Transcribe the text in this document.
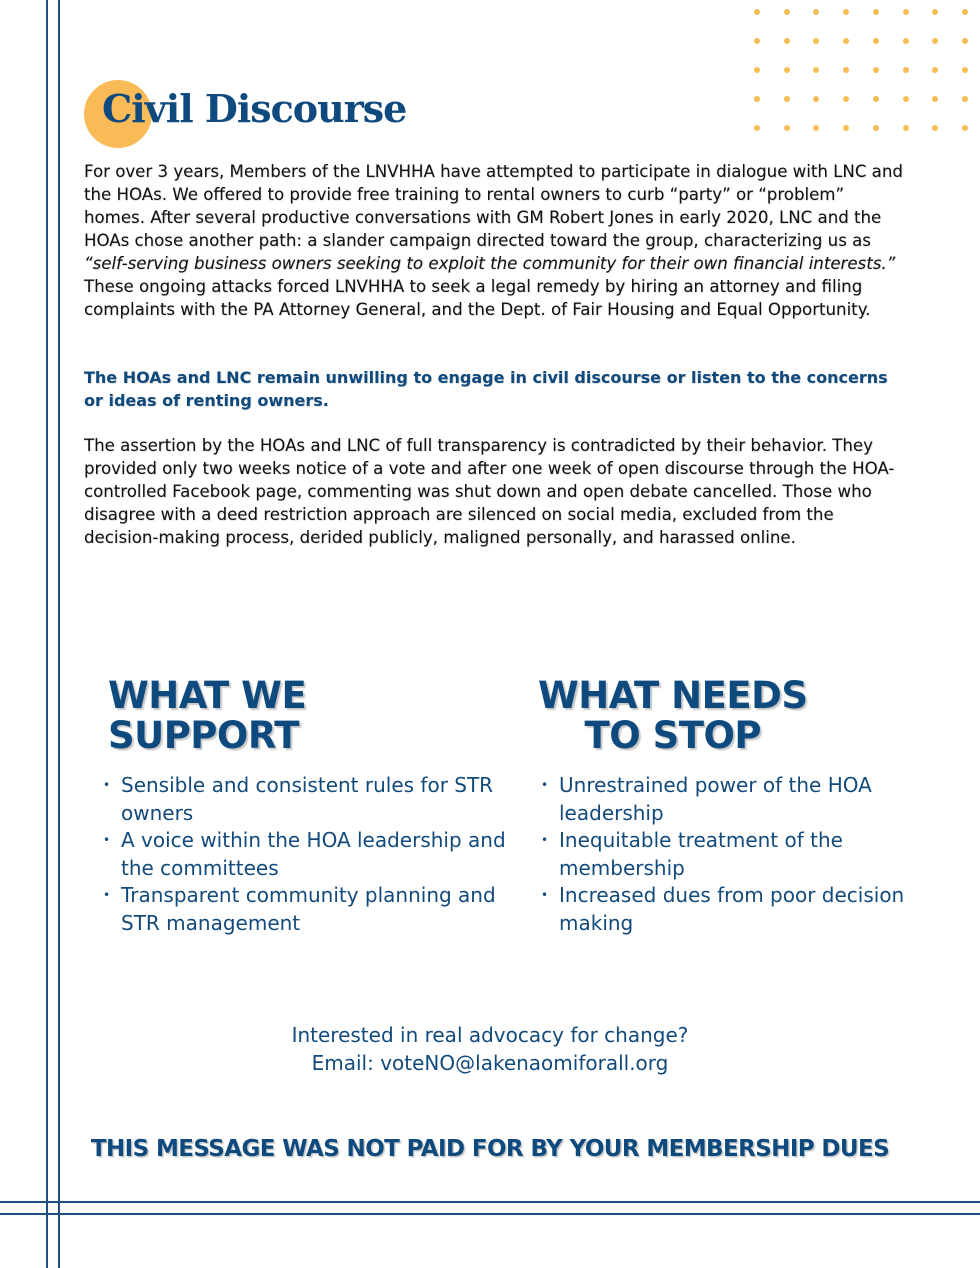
Civil Discourse

For over 3 years, Members of the LNVHHA have attempted to participate in dialogue with LNC and the HOAs. We offered to provide free training to rental owners to curb “party” or “problem” homes. After several productive conversations with GM Robert Jones in early 2020, LNC and the HOAs chose another path: a slander campaign directed toward the group, characterizing us as “self-serving business owners seeking to exploit the community for their own financial interests.” These ongoing attacks forced LNVHHA to seek a legal remedy by hiring an attorney and filing complaints with the PA Attorney General, and the Dept. of Fair Housing and Equal Opportunity.

The HOAs and LNC remain unwilling to engage in civil discourse or listen to the concerns or ideas of renting owners.

The assertion by the HOAs and LNC of full transparency is contradicted by their behavior. They provided only two weeks notice of a vote and after one week of open discourse through the HOA-controlled Facebook page, commenting was shut down and open debate cancelled. Those who disagree with a deed restriction approach are silenced on social media, excluded from the decision-making process, derided publicly, maligned personally, and harassed online.

WHAT WE
SUPPORT
WHAT NEEDS
TO STOP
• Sensible and consistent rules for STR owners
• A voice within the HOA leadership and the committees
• Transparent community planning and STR management
• Unrestrained power of the HOA leadership
• Inequitable treatment of the membership
• Increased dues from poor decision making
Interested in real advocacy for change?
Email: voteNO@lakenaomiforall.org
THIS MESSAGE WAS NOT PAID FOR BY YOUR MEMBERSHIP DUES
